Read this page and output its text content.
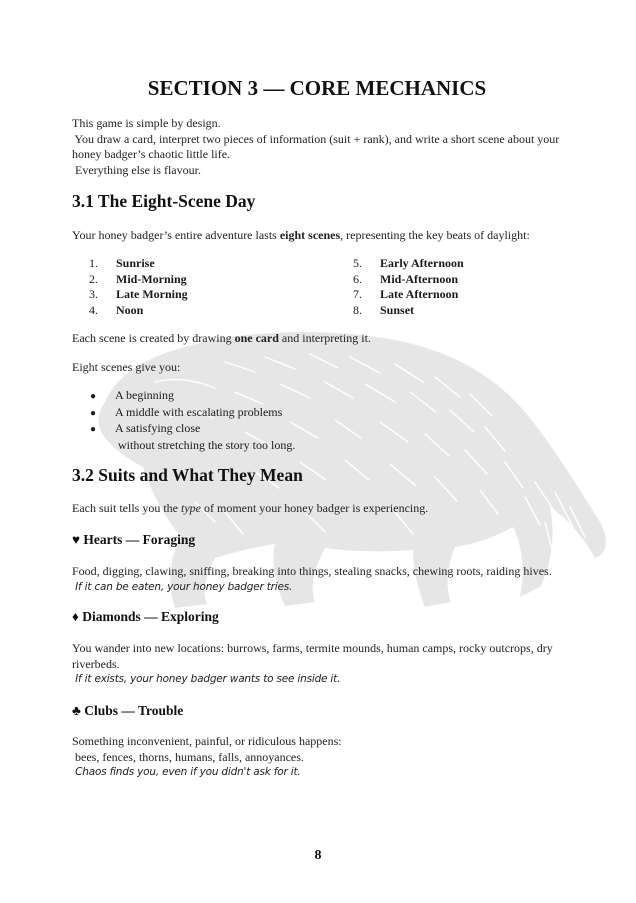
SECTION 3 — CORE MECHANICS
This game is simple by design.
You draw a card, interpret two pieces of information (suit + rank), and write a short scene about your
honey badger’s chaotic little life.
Everything else is flavour.
3.1 The Eight-Scene Day

Your honey badger’s entire adventure lasts eight scenes, representing the key beats of daylight:

1. Sunrise
2. Mid-Morning
3. Late Morning
4. Noon
5. Early Afternoon
6. Mid-Afternoon
7. Late Afternoon
8. Sunset

Each scene is created by drawing one card and interpreting it.

Eight scenes give you:

● A beginning
● A middle with escalating problems
● A satisfying close
without stretching the story too long.
3.2 Suits and What They Mean

Each suit tells you the type of moment your honey badger is experiencing.

♥ Hearts — Foraging
Food, digging, clawing, sniffing, breaking into things, stealing snacks, chewing roots, raiding hives.
If it can be eaten, your honey badger tries.
♦ Diamonds — Exploring
You wander into new locations: burrows, farms, termite mounds, human camps, rocky outcrops, dry
riverbeds.
If it exists, your honey badger wants to see inside it.
♣ Clubs — Trouble
Something inconvenient, painful, or ridiculous happens:
bees, fences, thorns, humans, falls, annoyances.
Chaos finds you, even if you didn't ask for it.
8
